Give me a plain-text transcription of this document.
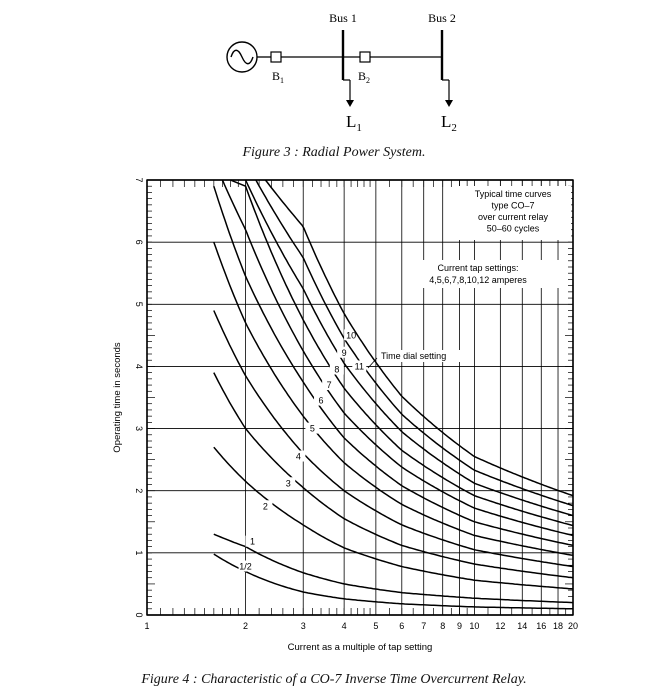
Bus 1	Bus 2
$B_1$	$B_2$
$L_1$	$L_2$
Figure 3 : Radial Power System.
1/2
1
2
3
4
5
6
7
8
9
10
11
1	2	3	4	5 6 7 8 9 10 12 14 16 18 20
0
1
2
3
4
5
6
7
Current as a multiple of tap setting
Operating time in seconds
Typical time curves
type CO–7
over current relay
50–60 cycles
Current tap settings:
4,5,6,7,8,10,12 amperes
Time dial setting
Figure 4 : Characteristic of a CO-7 Inverse Time Overcurrent Relay.
